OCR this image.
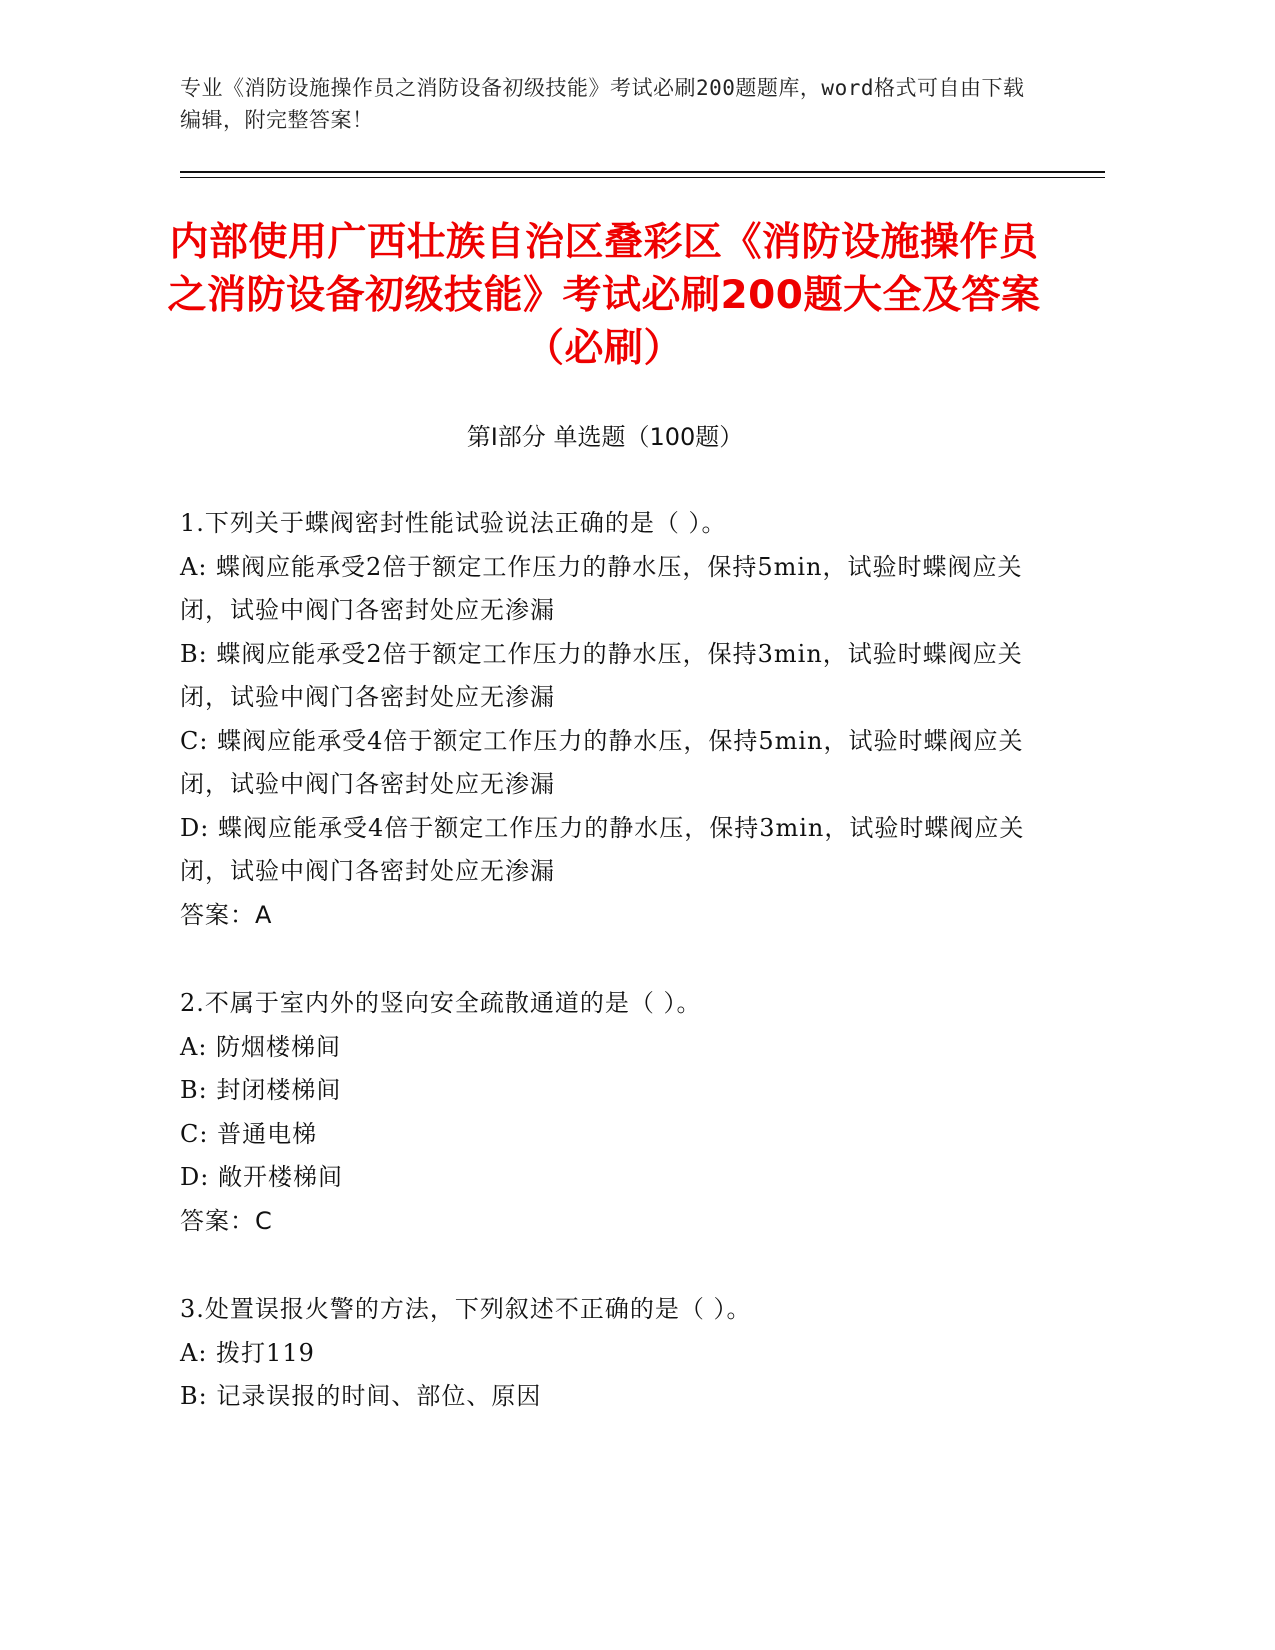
专业《消防设施操作员之消防设备初级技能》考试必刷200题题库，word格式可自由下载编辑，附完整答案！
内部使用广西壮族自治区叠彩区《消防设施操作员之消防设备初级技能》考试必刷200题大全及答案（必刷）
第Ⅰ部分 单选题（100题）
1.下列关于蝶阀密封性能试验说法正确的是（ ）。
A: 蝶阀应能承受2倍于额定工作压力的静水压，保持5min，试验时蝶阀应关闭，试验中阀门各密封处应无渗漏
B: 蝶阀应能承受2倍于额定工作压力的静水压，保持3min，试验时蝶阀应关闭，试验中阀门各密封处应无渗漏
C: 蝶阀应能承受4倍于额定工作压力的静水压，保持5min，试验时蝶阀应关闭，试验中阀门各密封处应无渗漏
D: 蝶阀应能承受4倍于额定工作压力的静水压，保持3min，试验时蝶阀应关闭，试验中阀门各密封处应无渗漏
答案：A
2.不属于室内外的竖向安全疏散通道的是（ ）。
A: 防烟楼梯间
B: 封闭楼梯间
C: 普通电梯
D: 敞开楼梯间
答案：C
3.处置误报火警的方法，下列叙述不正确的是（ ）。
A: 拨打119
B: 记录误报的时间、部位、原因
